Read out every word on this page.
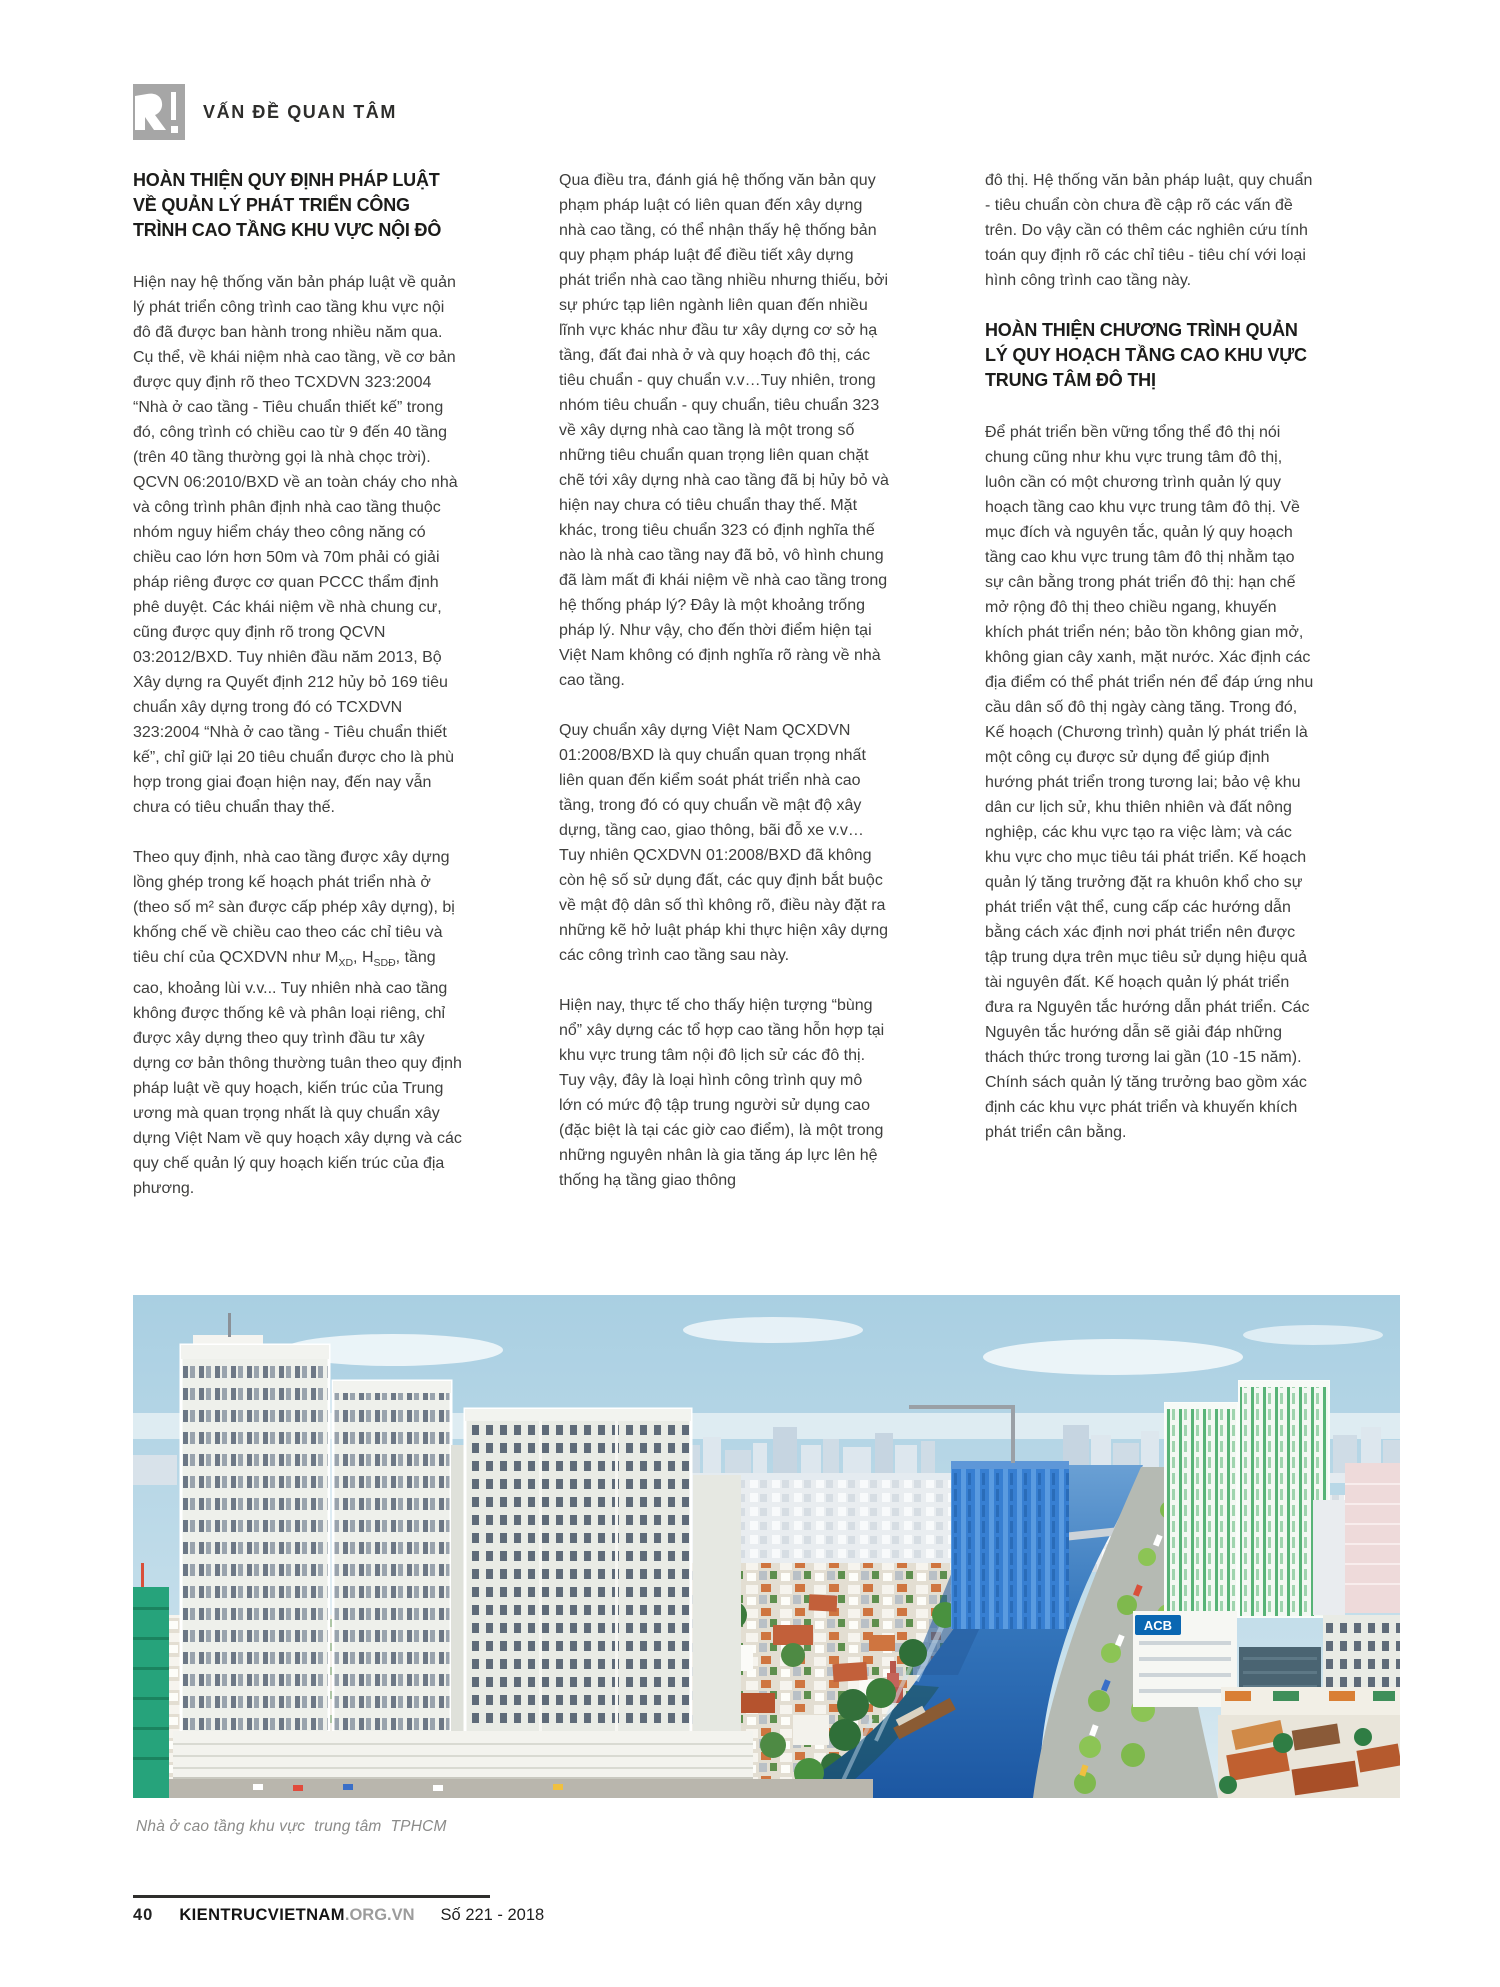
VẤN ĐỀ QUAN TÂM
HOÀN THIỆN QUY ĐỊNH PHÁP LUẬT VỀ QUẢN LÝ PHÁT TRIỂN CÔNG TRÌNH CAO TẦNG KHU VỰC NỘI ĐÔ

Hiện nay hệ thống văn bản pháp luật về quản lý phát triển công trình cao tầng khu vực nội đô đã được ban hành trong nhiều năm qua. Cụ thể, về khái niệm nhà cao tầng, về cơ bản được quy định rõ theo TCXDVN 323:2004 “Nhà ở cao tầng - Tiêu chuẩn thiết kế” trong đó, công trình có chiều cao từ 9 đến 40 tầng (trên 40 tầng thường gọi là nhà chọc trời). QCVN 06:2010/BXD về an toàn cháy cho nhà và công trình phân định nhà cao tầng thuộc nhóm nguy hiểm cháy theo công năng có chiều cao lớn hơn 50m và 70m phải có giải pháp riêng được cơ quan PCCC thẩm định phê duyệt. Các khái niệm về nhà chung cư, cũng được quy định rõ trong QCVN 03:2012/BXD. Tuy nhiên đầu năm 2013, Bộ Xây dựng ra Quyết định 212 hủy bỏ 169 tiêu chuẩn xây dựng trong đó có TCXDVN 323:2004 “Nhà ở cao tầng - Tiêu chuẩn thiết kế”, chỉ giữ lại 20 tiêu chuẩn được cho là phù hợp trong giai đoạn hiện nay, đến nay vẫn chưa có tiêu chuẩn thay thế.

Theo quy định, nhà cao tầng được xây dựng lồng ghép trong kế hoạch phát triển nhà ở (theo số m² sàn được cấp phép xây dựng), bị khống chế về chiều cao theo các chỉ tiêu và tiêu chí của QCXDVN như $M_{XD}$, $H_{SDĐ}$, tầng cao, khoảng lùi v.v... Tuy nhiên nhà cao tầng không được thống kê và phân loại riêng, chỉ được xây dựng theo quy trình đầu tư xây dựng cơ bản thông thường tuân theo quy định pháp luật về quy hoạch, kiến trúc của Trung ương mà quan trọng nhất là quy chuẩn xây dựng Việt Nam về quy hoạch xây dựng và các quy chế quản lý quy hoạch kiến trúc của địa phương.

Qua điều tra, đánh giá hệ thống văn bản quy phạm pháp luật có liên quan đến xây dựng nhà cao tầng, có thể nhận thấy hệ thống bản quy phạm pháp luật để điều tiết xây dựng phát triển nhà cao tầng nhiều nhưng thiếu, bởi sự phức tạp liên ngành liên quan đến nhiều lĩnh vực khác như đầu tư xây dựng cơ sở hạ tầng, đất đai nhà ở và quy hoạch đô thị, các tiêu chuẩn - quy chuẩn v.v…Tuy nhiên, trong nhóm tiêu chuẩn - quy chuẩn, tiêu chuẩn 323 về xây dựng nhà cao tầng là một trong số những tiêu chuẩn quan trọng liên quan chặt chẽ tới xây dựng nhà cao tầng đã bị hủy bỏ và hiện nay chưa có tiêu chuẩn thay thế. Mặt khác, trong tiêu chuẩn 323 có định nghĩa thế nào là nhà cao tầng nay đã bỏ, vô hình chung đã làm mất đi khái niệm về nhà cao tầng trong hệ thống pháp lý? Đây là một khoảng trống pháp lý. Như vậy, cho đến thời điểm hiện tại Việt Nam không có định nghĩa rõ ràng về nhà cao tầng.

Quy chuẩn xây dựng Việt Nam QCXDVN 01:2008/BXD là quy chuẩn quan trọng nhất liên quan đến kiểm soát phát triển nhà cao tầng, trong đó có quy chuẩn về mật độ xây dựng, tầng cao, giao thông, bãi đỗ xe v.v… Tuy nhiên QCXDVN 01:2008/BXD đã không còn hệ số sử dụng đất, các quy định bắt buộc về mật độ dân số thì không rõ, điều này đặt ra những kẽ hở luật pháp khi thực hiện xây dựng các công trình cao tầng sau này.

Hiện nay, thực tế cho thấy hiện tượng “bùng nổ” xây dựng các tổ hợp cao tầng hỗn hợp tại khu vực trung tâm nội đô lịch sử các đô thị. Tuy vậy, đây là loại hình công trình quy mô lớn có mức độ tập trung người sử dụng cao (đặc biệt là tại các giờ cao điểm), là một trong những nguyên nhân là gia tăng áp lực lên hệ thống hạ tầng giao thông

đô thị. Hệ thống văn bản pháp luật, quy chuẩn - tiêu chuẩn còn chưa đề cập rõ các vấn đề trên. Do vậy cần có thêm các nghiên cứu tính toán quy định rõ các chỉ tiêu - tiêu chí với loại hình công trình cao tầng này.

HOÀN THIỆN CHƯƠNG TRÌNH QUẢN LÝ QUY HOẠCH TẦNG CAO KHU VỰC TRUNG TÂM ĐÔ THỊ

Để phát triển bền vững tổng thể đô thị nói chung cũng như khu vực trung tâm đô thị, luôn cần có một chương trình quản lý quy hoạch tầng cao khu vực trung tâm đô thị. Về mục đích và nguyên tắc, quản lý quy hoạch tầng cao khu vực trung tâm đô thị nhằm tạo sự cân bằng trong phát triển đô thị: hạn chế mở rộng đô thị theo chiều ngang, khuyến khích phát triển nén; bảo tồn không gian mở, không gian cây xanh, mặt nước. Xác định các địa điểm có thể phát triển nén để đáp ứng nhu cầu dân số đô thị ngày càng tăng. Trong đó, Kế hoạch (Chương trình) quản lý phát triển là một công cụ được sử dụng để giúp định hướng phát triển trong tương lai; bảo vệ khu dân cư lịch sử, khu thiên nhiên và đất nông nghiệp, các khu vực tạo ra việc làm; và các khu vực cho mục tiêu tái phát triển. Kế hoạch quản lý tăng trưởng đặt ra khuôn khổ cho sự phát triển vật thể, cung cấp các hướng dẫn bằng cách xác định nơi phát triển nên được tập trung dựa trên mục tiêu sử dụng hiệu quả tài nguyên đất. Kế hoạch quản lý phát triển đưa ra Nguyên tắc hướng dẫn phát triển. Các Nguyên tắc hướng dẫn sẽ giải đáp những thách thức trong tương lai gần (10 -15 năm). Chính sách quản lý tăng trưởng bao gồm xác định các khu vực phát triển và khuyến khích phát triển cân bằng.

ACB
Nhà ở cao tầng khu vực  trung tâm  TPHCM
40 KIENTRUCVIETNAM .ORG.VN Số 221 - 2018
